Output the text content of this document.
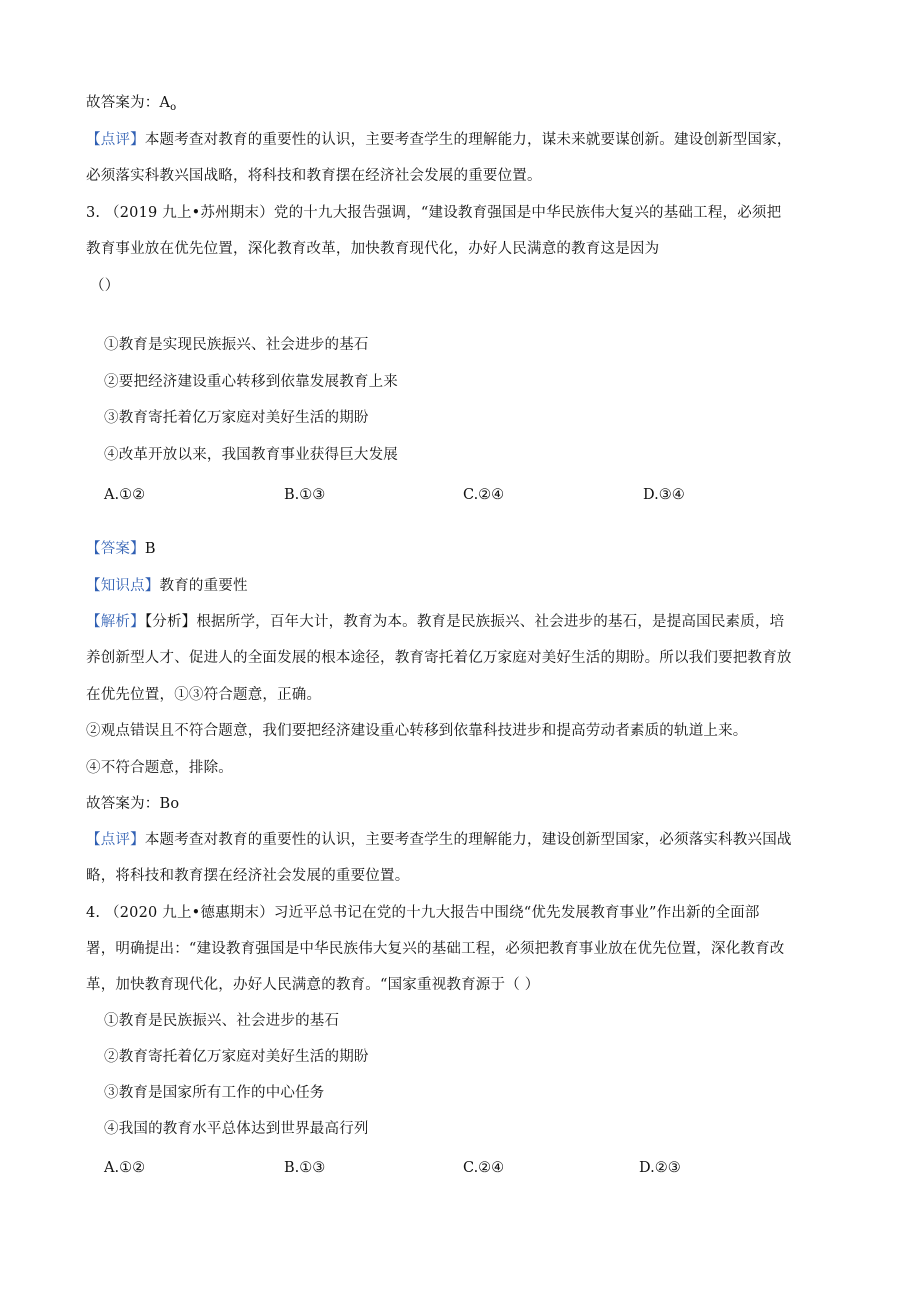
故答案为：$A_o$
【点评】本题考查对教育的重要性的认识，主要考查学生的理解能力，谋未来就要谋创新。建设创新型国家，
必须落实科教兴国战略，将科技和教育摆在经济社会发展的重要位置。
3. （2019 九上•苏州期末）党的十九大报告强调，“建设教育强国是中华民族伟大复兴的基础工程，必须把
教育事业放在优先位置，深化教育改革，加快教育现代化，办好人民满意的教育这是因为
（）
①教育是实现民族振兴、社会进步的基石
②要把经济建设重心转移到依靠发展教育上来
③教育寄托着亿万家庭对美好生活的期盼
④改革开放以来，我国教育事业获得巨大发展
A.①②	B.①③	C.②④	D.③④
【答案】B
【知识点】教育的重要性
【解析】【分析】根据所学，百年大计，教育为本。教育是民族振兴、社会进步的基石，是提高国民素质，培
养创新型人才、促进人的全面发展的根本途径，教育寄托着亿万家庭对美好生活的期盼。所以我们要把教育放
在优先位置，①③符合题意，正确。
②观点错误且不符合题意，我们要把经济建设重心转移到依靠科技进步和提高劳动者素质的轨道上来。
④不符合题意，排除。
故答案为：Bo
【点评】本题考查对教育的重要性的认识，主要考查学生的理解能力，建设创新型国家，必须落实科教兴国战
略，将科技和教育摆在经济社会发展的重要位置。
4. （2020 九上•德惠期末）习近平总书记在党的十九大报告中围绕“优先发展教育事业”作出新的全面部
署，明确提出：“建设教育强国是中华民族伟大复兴的基础工程，必须把教育事业放在优先位置，深化教育改
革，加快教育现代化，办好人民满意的教育。“国家重视教育源于（ ）
①教育是民族振兴、社会进步的基石
②教育寄托着亿万家庭对美好生活的期盼
③教育是国家所有工作的中心任务
④我国的教育水平总体达到世界最高行列
A.①②	B.①③	C.②④	D.②③
